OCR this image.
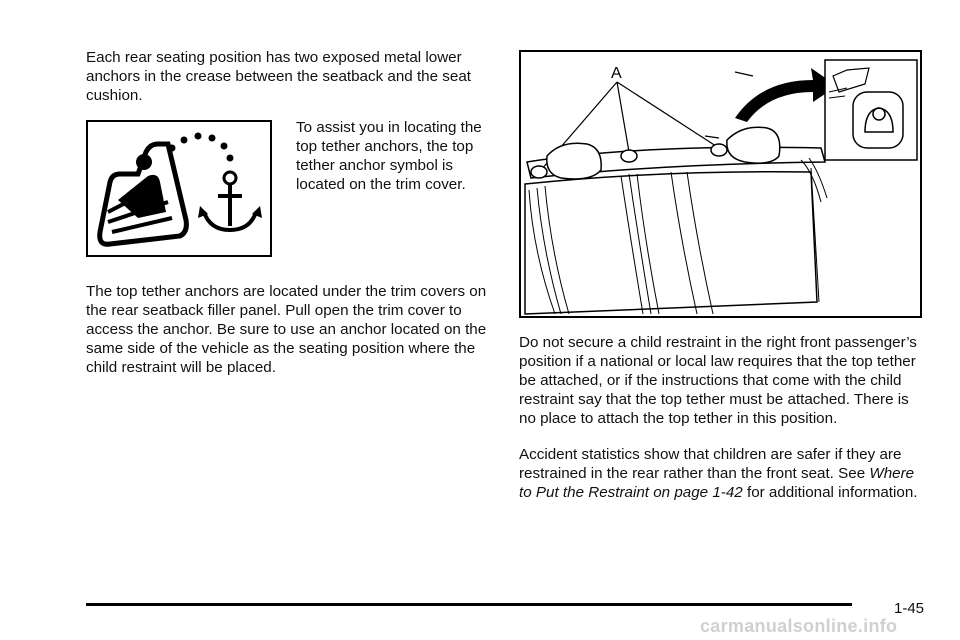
Each rear seating position has two exposed metal lower anchors in the crease between the seatback and the seat cushion.
To assist you in locating the top tether anchors, the top tether anchor symbol is located on the trim cover.
The top tether anchors are located under the trim covers on the rear seatback filler panel. Pull open the trim cover to access the anchor. Be sure to use an anchor located on the same side of the vehicle as the seating position where the child restraint will be placed.
A
Do not secure a child restraint in the right front passenger’s position if a national or local law requires that the top tether be attached, or if the instructions that come with the child restraint say that the top tether must be attached. There is no place to attach the top tether in this position.
Accident statistics show that children are safer if they are restrained in the rear rather than the front seat. See Where to Put the Restraint on page 1-42 for additional information.
1-45
carmanualsonline.info
